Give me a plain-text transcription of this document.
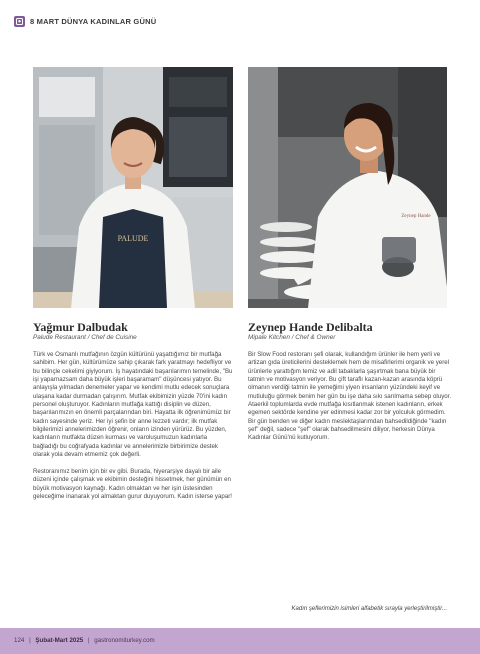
8 MART DÜNYA KADINLAR GÜNÜ
PALUDE
Zeynep Hande
Yağmur Dalbudak
Palude Restaurant / Chef de Cuisine
Zeynep Hande Delibalta
Mipale Kitchen / Chef & Owner

Türk ve Osmanlı mutfağının özgün kültürünü yaşattığımız bir mutfağa sahibim. Her gün, kültürümüze sahip çıkarak fark yaratmayı hedefliyor ve bu bilinçle cekelimi giyiyorum. İş hayatındaki başarılarımın temelinde, "Bu işi yaparnazsam daha büyük işleri başaramam" düşüncesi yatıyor. Bu anlayışla yılmadan denemeler yapar ve kendimi mutlu edecek sonuçlara ulaşana kadar durmadan çalışırım. Mutfak ekibimizin yüzde 70'ini kadın personel oluşturuyor. Kadınların mutfağa kattığı disiplin ve düzen, başarılarımızın en önemli parçalarından biri. Hayatta ilk öğrenimümüz bir kadın sayesinde yeriz. Her iyi şefin bir anne lezzeti vardır; ilk mutfak bilgilerimizi annelerimizden öğrenir, onların izinden yürürüz. Bu yüzden, kadınların mutfakta düzen kurması ve varoluşumuzun kadınlarla bağladığı bu coğrafyada kadınlar ve annelerimizle birbirimize destek olarak yola devam etmemiz çok değerli.

Restoranımız benim için bir ev gibi. Burada, hiyerarşiye dayalı bir aile düzeni içinde çalışmak ve ekibimin desteğini hissetmek, her günümün en büyük motivasyon kaynağı. Kadın olmaktan ve her işin üstesinden geleceğime inanarak yol almaktan gurur duyuyorum. Kadın isterse yapar!

Bir Slow Food restoranı şefi olarak, kullandığım ürünler ile hem yerli ve artizan gıda üreticilerini desteklemek hem de misafirlerimi organik ve yerel ürünlerle yarattığım temiz ve adil tabaklarla şaşırtmak bana büyük bir tatmin ve motivasyon veriyor. Bu çift taraflı kazan-kazan arasında köprü olmanın verdiği tatmin ile yemeğimi yiyen insanların yüzündeki keyif ve mutluluğu görmek benim her gün bu işe daha sıkı sarılmama sebep oluyor. Ataerkil toplumlarda evde mutfağa kısıtlanmak istenen kadınların, erkek egemen sektörde kendine yer edinmesi kadar zor bir yolculuk görmedim. Bir gün benden ve diğer kadın meslektaşlarımdan bahsedildiğinde "kadın şef" değil, sadece "şef" olarak bahsedilmesini diliyor, herkesin Dünya Kadınlar Günü'nü kutluyorum.

Kadın şeflerimizin isimleri alfabetik sırayla yerleştirilmiştir...
124 | Şubat-Mart 2025 | gastronomiturkey.com
